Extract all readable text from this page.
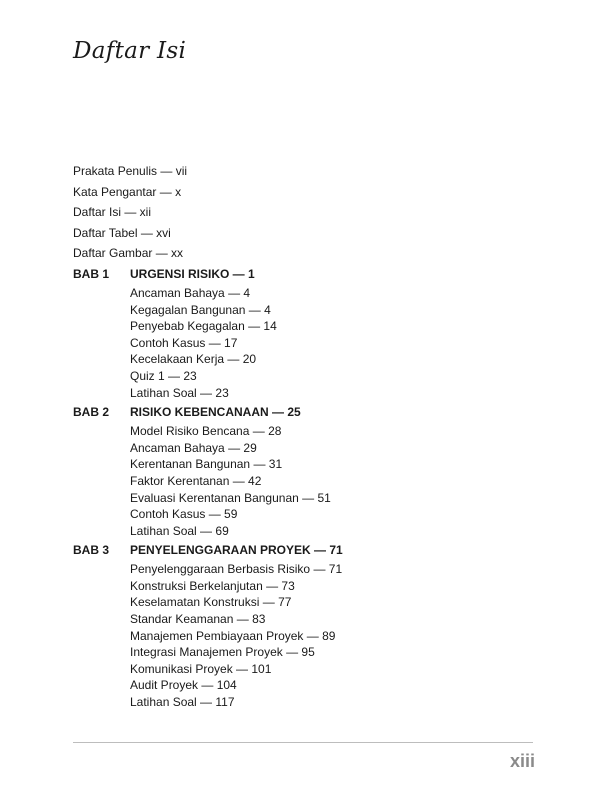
Daftar Isi
Prakata Penulis — vii
Kata Pengantar — x
Daftar Isi — xii
Daftar Tabel — xvi
Daftar Gambar — xx
BAB 1	URGENSI RISIKO — 1
Ancaman Bahaya — 4
Kegagalan Bangunan — 4
Penyebab Kegagalan — 14
Contoh Kasus — 17
Kecelakaan Kerja — 20
Quiz 1 — 23
Latihan Soal — 23
BAB 2	RISIKO KEBENCANAAN — 25
Model Risiko Bencana — 28
Ancaman Bahaya — 29
Kerentanan Bangunan — 31
Faktor Kerentanan — 42
Evaluasi Kerentanan Bangunan — 51
Contoh Kasus — 59
Latihan Soal — 69
BAB 3	PENYELENGGARAAN PROYEK — 71
Penyelenggaraan Berbasis Risiko — 71
Konstruksi Berkelanjutan — 73
Keselamatan Konstruksi — 77
Standar Keamanan — 83
Manajemen Pembiayaan Proyek — 89
Integrasi Manajemen Proyek — 95
Komunikasi Proyek — 101
Audit Proyek — 104
Latihan Soal — 117
xiii
